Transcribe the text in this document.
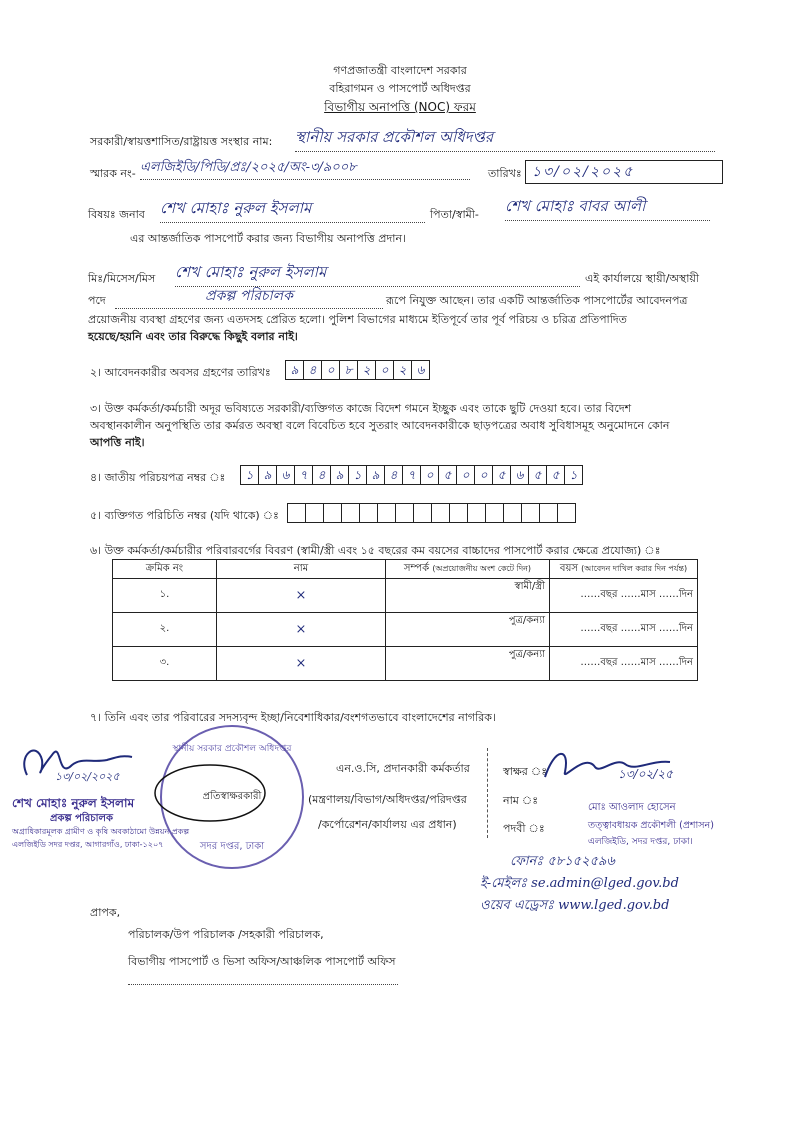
গণপ্রজাতন্ত্রী বাংলাদেশ সরকার
বহিরাগমন ও পাসপোর্ট অধিদপ্তর
বিভাগীয় অনাপত্তি (NOC) ফরম
সরকারী/স্বায়ত্তশাসিত/রাষ্ট্রায়ত্ত সংস্থার নাম: স্থানীয় সরকার প্রকৌশল অধিদপ্তর
স্মারক নং- এলজিইডি/পিডি/প্রঃ/২০২৫/অং-৩/৯০০৮	তারিখঃ ১৩/০২/২০২৫
বিষয়ঃ জনাব শেখ মোহাঃ নুরুল ইসলাম	পিতা/স্বামী- শেখ মোহাঃ বাবর আলী
এর আন্তর্জাতিক পাসপোর্ট করার জন্য বিভাগীয় অনাপত্তি প্রদান।
মিঃ/মিসেস/মিস শেখ মোহাঃ নুরুল ইসলাম	এই কার্যালয়ে স্থায়ী/অস্থায়ী
পদে	প্রকল্প পরিচালক	রূপে নিযুক্ত আছেন। তার একটি আন্তর্জাতিক পাসপোর্টের আবেদনপত্র
প্রয়োজনীয় ব্যবস্থা গ্রহণের জন্য এতদসহ প্রেরিত হলো। পুলিশ বিভাগের মাধ্যমে ইতিপূর্বে তার পূর্ব পরিচয় ও চরিত্র প্রতিপাদিত
হয়েছে/হয়নি এবং তার বিরুদ্ধে কিছুই বলার নাই।
২। আবেদনকারীর অবসর গ্রহণের তারিখঃ	৯ ৪ ০ ৮ ২ ০ ২ ৬
৩। উক্ত কর্মকর্তা/কর্মচারী অদূর ভবিষ্যতে সরকারী/ব্যক্তিগত কাজে বিদেশ গমনে ইচ্ছুক এবং তাকে ছুটি দেওয়া হবে। তার বিদেশ
অবস্থানকালীন অনুপস্থিতি তার কর্মরত অবস্থা বলে বিবেচিত হবে সুতরাং আবেদনকারীকে ছাড়পত্রের অবাধ সুবিধাসমূহ অনুমোদনে কোন
আপত্তি নাই।
৪। জাতীয় পরিচয়পত্র নম্বর ঃ	১ ৯ ৬ ৭ ৪ ৯ ১ ৯ ৪ ৭ ০ ৫ ০ ০ ৫ ৬ ৫ ৫ ১
৫। ব্যক্তিগত পরিচিতি নম্বর (যদি থাকে) ঃ
৬। উক্ত কর্মকর্তা/কর্মচারীর পরিবারবর্গের বিবরণ (স্বামী/স্ত্রী এবং ১৫ বছরের কম বয়সের বাচ্চাদের পাসপোর্ট করার ক্ষেত্রে প্রযোজ্য) ঃ
ক্রমিক নং	নাম	সম্পর্ক (অপ্রয়োজনীয় অংশ কেটে দিন)	বয়স (আবেদন দাখিল করার দিন পর্যন্ত)
১.	×	স্বামী/স্ত্রী	……বছর ……মাস ……দিন
২.	×	পুত্র/কন্যা	……বছর ……মাস ……দিন
৩.	×	পুত্র/কন্যা	……বছর ……মাস ……দিন
৭। তিনি এবং তার পরিবারের সদস্যবৃন্দ ইচ্ছা/নিবেশাধিকার/বংশগতভাবে বাংলাদেশের নাগরিক।
১৩/০২/২০২৫
শেখ মোহাঃ নুরুল ইসলাম
প্রকল্প পরিচালক
অগ্রাধিকারমূলক গ্রামীণ ও কৃষি অবকাঠামো উন্নয়ন প্রকল্প
এলজিইডি সদর দপ্তর, আগারগাঁও, ঢাকা-১২০৭
স্থানীয় সরকার প্রকৌশল অধিদপ্তর
প্রতিস্বাক্ষরকারী
সদর দপ্তর, ঢাকা
এন.ও.সি, প্রদানকারী কর্মকর্তার
(মন্ত্রণালয়/বিভাগ/অধিদপ্তর/পরিদপ্তর
/কর্পোরেশন/কার্যালয় এর প্রধান)
স্বাক্ষর ঃ	১৩/০২/২৫
নাম ঃ
মোঃ আওলাদ হোসেন
পদবী ঃ	তত্ত্বাবধায়ক প্রকৌশলী (প্রশাসন)
এলজিইডি, সদর দপ্তর, ঢাকা।
ফোনঃ ৫৮১৫২৫৯৬
ই-মেইলঃ se.admin@lged.gov.bd
ওয়েব এড্রেসঃ www.lged.gov.bd
প্রাপক,
পরিচালক/উপ পরিচালক /সহকারী পরিচালক,
বিভাগীয় পাসপোর্ট ও ভিসা অফিস/আঞ্চলিক পাসপোর্ট অফিস
